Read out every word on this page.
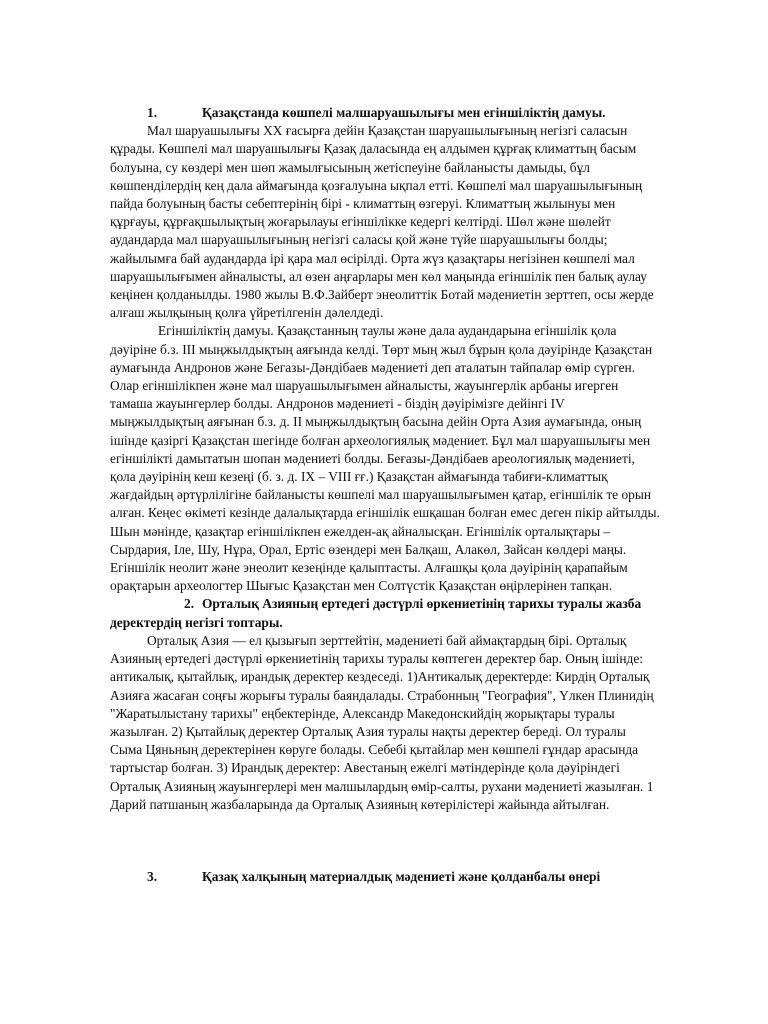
1.	Қазақстанда көшпелі малшаруашылығы мен егіншіліктің дамуы.

Мал шаруашылығы XX ғасырға дейін Қазақстан шаруашылығының негізгі саласын құрады. Көшпелі мал шаруашылығы Қазақ даласында ең алдымен құрғақ климаттың басым болуына, су көздері мен шөп жамылғысының жетіспеуіне байланысты дамыды, бұл көшпенділердің кең дала аймағында қозғалуына ықпал етті. Көшпелі мал шаруашылығының пайда болуының басты себептерінің бірі - климаттың өзгеруі. Климаттың жылынуы мен құрғауы, құрғақшылықтың жоғарылауы егіншілікке кедергі келтірді. Шөл және шөлейт аудандарда мал шаруашылығының негізгі саласы қой және түйе шаруашылығы болды; жайылымға бай аудандарда ірі қара мал өсірілді. Орта жүз қазақтары негізінен көшпелі мал шаруашылығымен айналысты, ал өзен аңғарлары мен көл маңында егіншілік пен балық аулау кеңінен қолданылды. 1980 жылы В.Ф.Зайберт энеолиттік Ботай мәдениетін зерттеп, осы жерде алғаш жылқының қолға үйретілгенін дәлелдеді.

Егіншіліктің дамуы. Қазақстанның таулы және дала аудандарына егіншілік қола дәуіріне б.з. III мыңжылдықтың аяғында келді. Төрт мың жыл бұрын қола дәуірінде Қазақстан аумағында Андронов және Бегазы-Дәндібаев мәдениеті деп аталатын тайпалар өмір сүрген. Олар егіншілікпен және мал шаруашылығымен айналысты, жауынгерлік арбаны игерген тамаша жауынгерлер болды. Андронов мәдениеті - біздің дәуірімізге дейінгі IV мыңжылдықтың аяғынан б.з. д. II мыңжылдықтың басына дейін Орта Азия аумағында, оның ішінде қазіргі Қазақстан шегінде болған археологиялық мәдениет. Бұл мал шаруашылығы мен егіншілікті дамытатын шопан мәдениеті болды. Беғазы-Дәндібаев ареологиялық мәдениеті, қола дәуірінің кеш кезеңі (б. з. д. IX – VIII ғғ.) Қазақстан аймағында табиғи-климаттық жағдайдың әртүрлілігіне байланысты көшпелі мал шаруашылығымен қатар, егіншілік те орын алған. Кеңес өкіметі кезінде далалықтарда егіншілік ешқашан болған емес деген пікір айтылды. Шын мәнінде, қазақтар егіншілікпен ежелден-ақ айналысқан. Егіншілік орталықтары – Сырдария, Іле, Шу, Нұра, Орал, Ертіс өзендері мен Балқаш, Алакөл, Зайсан көлдері маңы. Егіншілік неолит және энеолит кезеңінде қалыптасты. Алғашқы қола дәуірінің қарапайым орақтарын археологтер Шығыс Қазақстан мен Солтүстік Қазақстан өңірлерінен тапқан.

2. Орталық Азияның ертедегі дәстүрлі өркениетінің тарихы туралы жазба деректердің негізгі топтары.

Орталық Азия — ел қызығып зерттейтін, мәдениеті бай аймақтардың бірі. Орталық Азияның ертедегі дәстүрлі өркениетінің тарихы туралы көптеген деректер бар. Оның ішінде: антикалық, қытайлық, ирандық деректер кездеседі. 1)Антикалық деректерде: Кирдің Орталық Азияға жасаған соңғы жорығы туралы баяндалады. Страбонның "География", Үлкен Плинидің "Жаратылыстану тарихы" еңбектерінде, Александр Македонскийдің жорықтары туралы жазылған. 2) Қытайлық деректер Орталық Азия туралы нақты деректер береді. Ол туралы Сыма Цяньның деректерінен көруге болады. Себебі қытайлар мен көшпелі ғұндар арасында тартыстар болған. 3) Ирандық деректер: Авестаның ежелгі мәтіндерінде қола дәуіріндегі Орталық Азияның жауынгерлері мен малшылардың өмір-салты, рухани мәдениеті жазылған. 1 Дарий патшаның жазбаларында да Орталық Азияның көтерілістері жайында айтылған.

3.	Қазақ халқының материалдық мәдениеті және қолданбалы өнері
